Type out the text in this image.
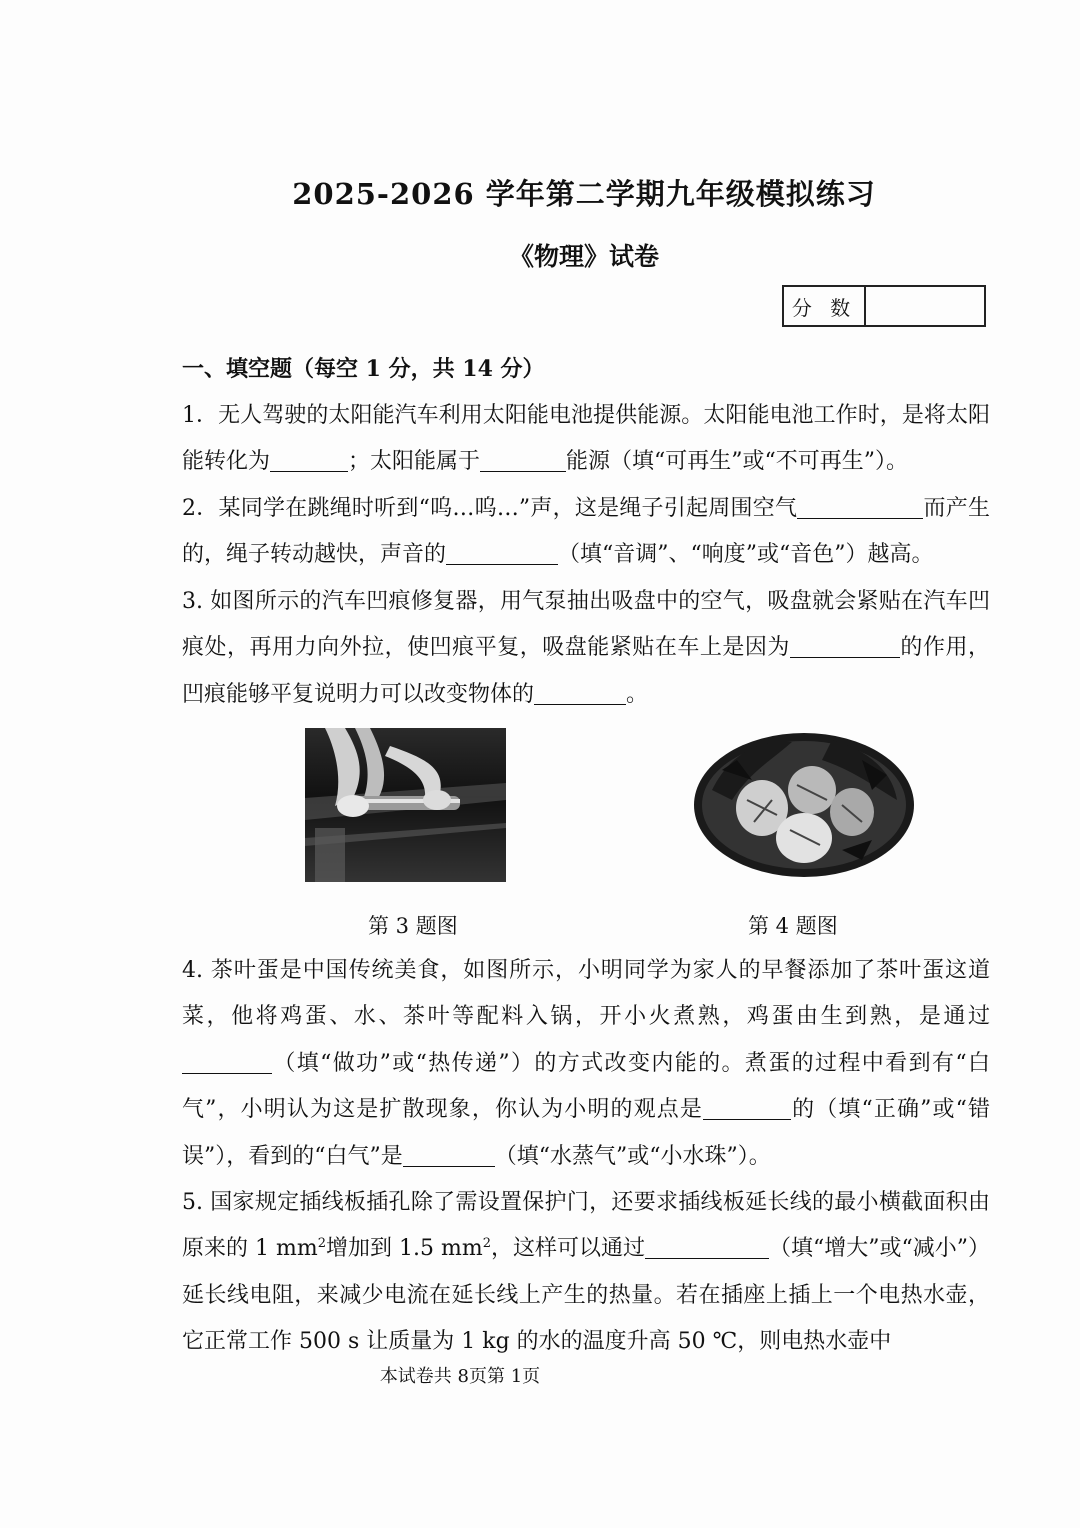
2025-2026 学年第二学期九年级模拟练习
《物理》试卷
分 数
一、填空题（每空 1 分，共 14 分）
1．无人驾驶的太阳能汽车利用太阳能电池提供能源。太阳能电池工作时，是将太阳能转化为	；太阳能属于	能源（填“可再生”或“不可再生”）。
2．某同学在跳绳时听到“呜…呜…”声，这是绳子引起周围空气	而产生的，绳子转动越快，声音的	（填“音调”、“响度”或“音色”）越高。
3. 如图所示的汽车凹痕修复器，用气泵抽出吸盘中的空气，吸盘就会紧贴在汽车凹痕处，再用力向外拉，使凹痕平复，吸盘能紧贴在车上是因为	的作用，凹痕能够平复说明力可以改变物体的	。
第 3 题图	第 4 题图
4. 茶叶蛋是中国传统美食，如图所示，小明同学为家人的早餐添加了茶叶蛋这道菜，他将鸡蛋、水、茶叶等配料入锅，开小火煮熟，鸡蛋由生到熟，是通过（填“做功”或“热传递”）的方式改变内能的。煮蛋的过程中看到有“白气”，小明认为这是扩散现象，你认为小明的观点是	的（填“正确”或“错误”），看到的“白气”是	（填“水蒸气”或“小水珠”）。
5. 国家规定插线板插孔除了需设置保护门，还要求插线板延长线的最小横截面积由原来的 1 $mm^2$增加到 1.5 $mm^2$，这样可以通过	（填“增大”或“减小”）延长线电阻，来减少电流在延长线上产生的热量。若在插座上插上一个电热水壶，它正常工作 500 s 让质量为 1 kg 的水的温度升高 50 ℃，则电热水壶中
本试卷共 8页第 1页
